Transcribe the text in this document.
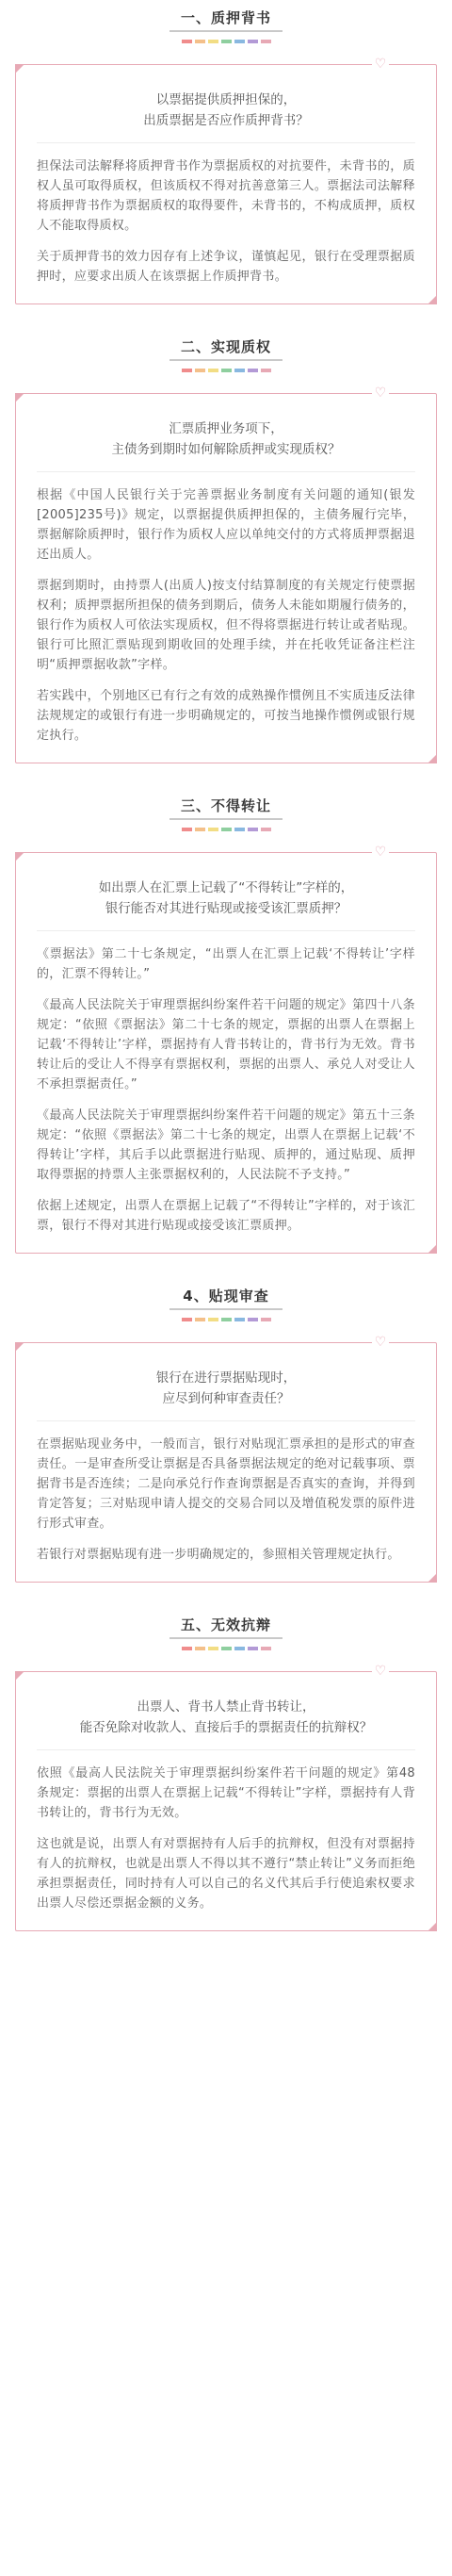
一、质押背书
♡
以票据提供质押担保的，
出质票据是否应作质押背书？

担保法司法解释将质押背书作为票据质权的对抗要件，未背书的，质权人虽可取得质权，但该质权不得对抗善意第三人。票据法司法解释将质押背书作为票据质权的取得要件，未背书的，不构成质押，质权人不能取得质权。

关于质押背书的效力因存有上述争议，谨慎起见，银行在受理票据质押时，应要求出质人在该票据上作质押背书。

二、实现质权
♡
汇票质押业务项下，
主债务到期时如何解除质押或实现质权？

根据《中国人民银行关于完善票据业务制度有关问题的通知(银发[2005]235号)》规定，以票据提供质押担保的，主债务履行完毕，票据解除质押时，银行作为质权人应以单纯交付的方式将质押票据退还出质人。

票据到期时，由持票人(出质人)按支付结算制度的有关规定行使票据权利；质押票据所担保的债务到期后，债务人未能如期履行债务的，银行作为质权人可依法实现质权，但不得将票据进行转让或者贴现。银行可比照汇票贴现到期收回的处理手续，并在托收凭证备注栏注明“质押票据收款”字样。

若实践中，个别地区已有行之有效的成熟操作惯例且不实质违反法律法规规定的或银行有进一步明确规定的，可按当地操作惯例或银行规定执行。

三、不得转让
♡
如出票人在汇票上记载了“不得转让”字样的，
银行能否对其进行贴现或接受该汇票质押？

《票据法》第二十七条规定，“出票人在汇票上记载‘不得转让’字样的，汇票不得转让。”

《最高人民法院关于审理票据纠纷案件若干问题的规定》第四十八条规定：“依照《票据法》第二十七条的规定，票据的出票人在票据上记载‘不得转让’字样，票据持有人背书转让的，背书行为无效。背书转让后的受让人不得享有票据权利，票据的出票人、承兑人对受让人不承担票据责任。”

《最高人民法院关于审理票据纠纷案件若干问题的规定》第五十三条规定：“依照《票据法》第二十七条的规定，出票人在票据上记载‘不得转让’字样，其后手以此票据进行贴现、质押的，通过贴现、质押取得票据的持票人主张票据权利的，人民法院不予支持。”

依据上述规定，出票人在票据上记载了“不得转让”字样的，对于该汇票，银行不得对其进行贴现或接受该汇票质押。

4、贴现审查
♡
银行在进行票据贴现时，
应尽到何种审查责任？

在票据贴现业务中，一般而言，银行对贴现汇票承担的是形式的审查责任。一是审查所受让票据是否具备票据法规定的绝对记载事项、票据背书是否连续；二是向承兑行作查询票据是否真实的查询，并得到肯定答复；三对贴现申请人提交的交易合同以及增值税发票的原件进行形式审查。

若银行对票据贴现有进一步明确规定的，参照相关管理规定执行。

五、无效抗辩
♡
出票人、背书人禁止背书转让，
能否免除对收款人、直接后手的票据责任的抗辩权？

依照《最高人民法院关于审理票据纠纷案件若干问题的规定》第48条规定：票据的出票人在票据上记载“不得转让”字样，票据持有人背书转让的，背书行为无效。

这也就是说，出票人有对票据持有人后手的抗辩权，但没有对票据持有人的抗辩权，也就是出票人不得以其不遵行“禁止转让”义务而拒绝承担票据责任，同时持有人可以自己的名义代其后手行使追索权要求出票人尽偿还票据金额的义务。
